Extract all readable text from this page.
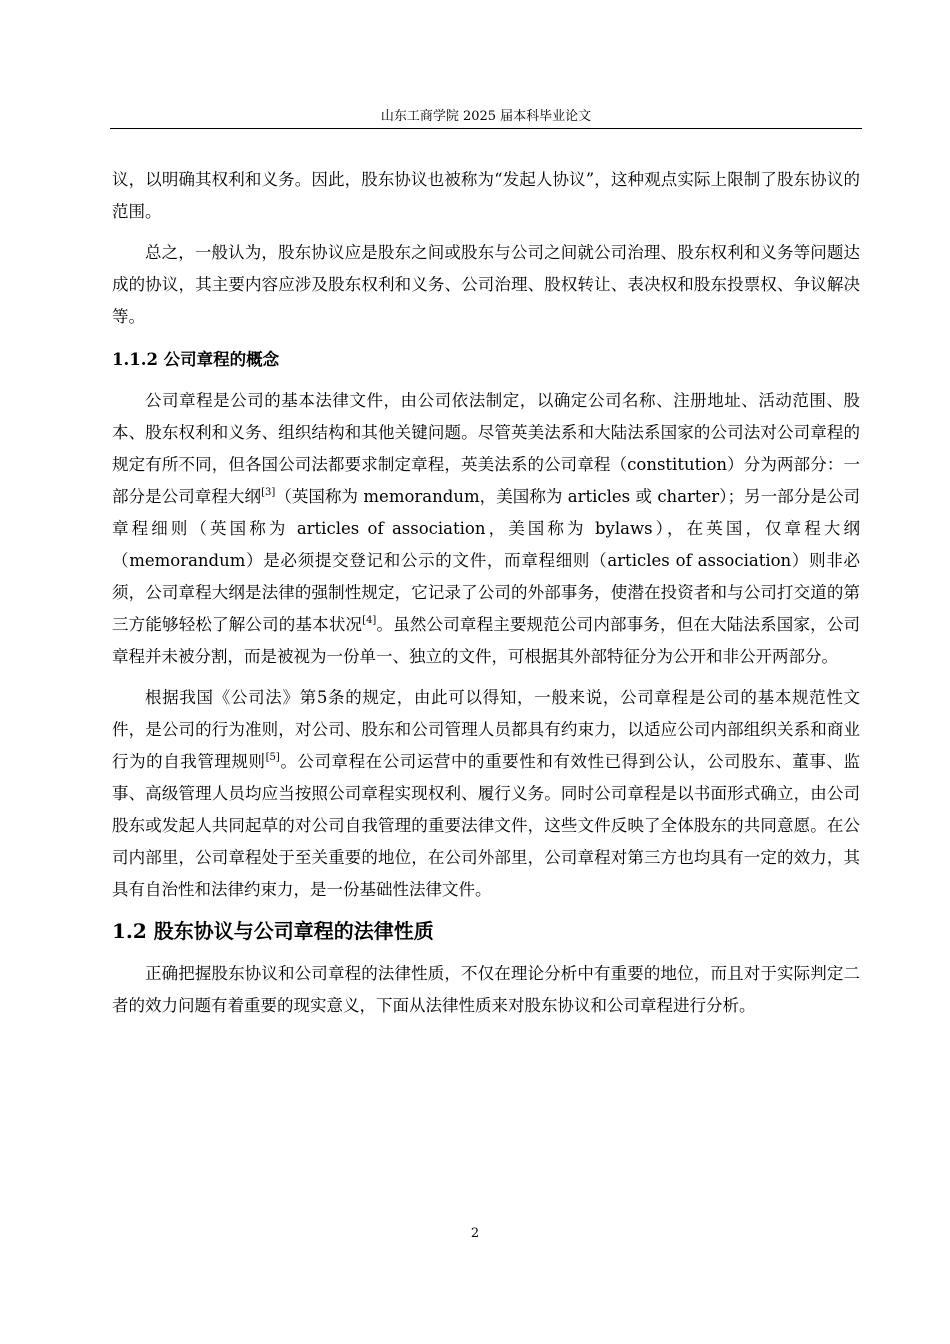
山东工商学院 2025 届本科毕业论文

议，以明确其权利和义务。因此，股东协议也被称为“发起人协议”，这种观点实际上限制了股东协议的范围。

总之，一般认为，股东协议应是股东之间或股东与公司之间就公司治理、股东权利和义务等问题达成的协议，其主要内容应涉及股东权利和义务、公司治理、股权转让、表决权和股东投票权、争议解决等。

1.1.2 公司章程的概念

公司章程是公司的基本法律文件，由公司依法制定，以确定公司名称、注册地址、活动范围、股本、股东权利和义务、组织结构和其他关键问题。尽管英美法系和大陆法系国家的公司法对公司章程的规定有所不同，但各国公司法都要求制定章程，英美法系的公司章程（constitution）分为两部分：一部分是公司章程大纲[3]（英国称为 memorandum，美国称为 articles 或 charter）；另一部分是公司章程细则（英国称为 articles of association，美国称为 bylaws），在英国，仅章程大纲（memorandum）是必须提交登记和公示的文件，而章程细则（articles of association）则非必须，公司章程大纲是法律的强制性规定，它记录了公司的外部事务，使潜在投资者和与公司打交道的第三方能够轻松了解公司的基本状况[4]。虽然公司章程主要规范公司内部事务，但在大陆法系国家，公司章程并未被分割，而是被视为一份单一、独立的文件，可根据其外部特征分为公开和非公开两部分。

根据我国《公司法》第5条的规定，由此可以得知，一般来说，公司章程是公司的基本规范性文件，是公司的行为准则，对公司、股东和公司管理人员都具有约束力，以适应公司内部组织关系和商业行为的自我管理规则[5]。公司章程在公司运营中的重要性和有效性已得到公认，公司股东、董事、监事、高级管理人员均应当按照公司章程实现权利、履行义务。同时公司章程是以书面形式确立，由公司股东或发起人共同起草的对公司自我管理的重要法律文件，这些文件反映了全体股东的共同意愿。在公司内部里，公司章程处于至关重要的地位，在公司外部里，公司章程对第三方也均具有一定的效力，其具有自治性和法律约束力，是一份基础性法律文件。

1.2 股东协议与公司章程的法律性质

正确把握股东协议和公司章程的法律性质，不仅在理论分析中有重要的地位，而且对于实际判定二者的效力问题有着重要的现实意义，下面从法律性质来对股东协议和公司章程进行分析。

2
